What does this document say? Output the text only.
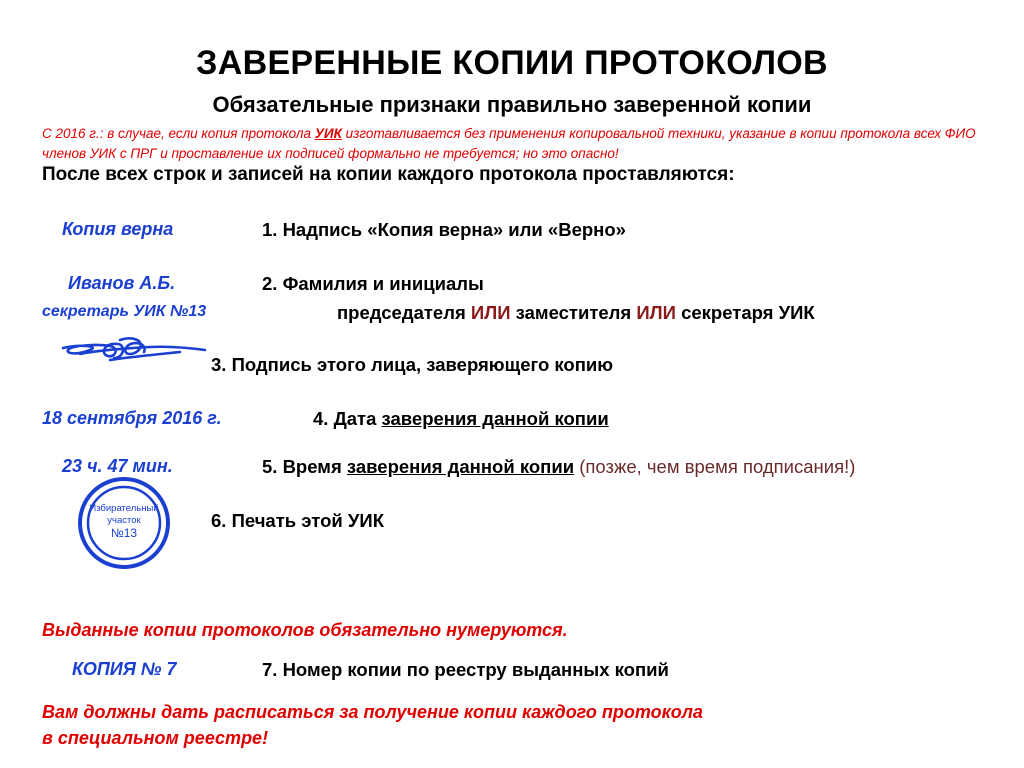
ЗАВЕРЕННЫЕ КОПИИ ПРОТОКОЛОВ
Обязательные признаки правильно заверенной копии
С 2016 г.: в случае, если копия протокола УИК изготавливается без применения копировальной техники, указание в копии протокола всех ФИО членов УИК с ПРГ и проставление их подписей формально не требуется; но это опасно!
После всех строк и записей на копии каждого протокола проставляются:
Копия верна	1. Надпись «Копия верна» или «Верно»
Иванов А.Б.
секретарь УИК №13
2. Фамилия и инициалы
председателя ИЛИ заместителя ИЛИ секретаря УИК
3. Подпись этого лица, заверяющего копию
18 сентября 2016 г.	4. Дата заверения данной копии
23 ч. 47 мин.	5. Время заверения данной копии (позже, чем время подписания!)
Избирательный
участок
№13
6. Печать этой УИК
Выданные копии протоколов обязательно нумеруются.
КОПИЯ № 7	7. Номер копии по реестру выданных копий
Вам должны дать расписаться за получение копии каждого протокола
в специальном реестре!
